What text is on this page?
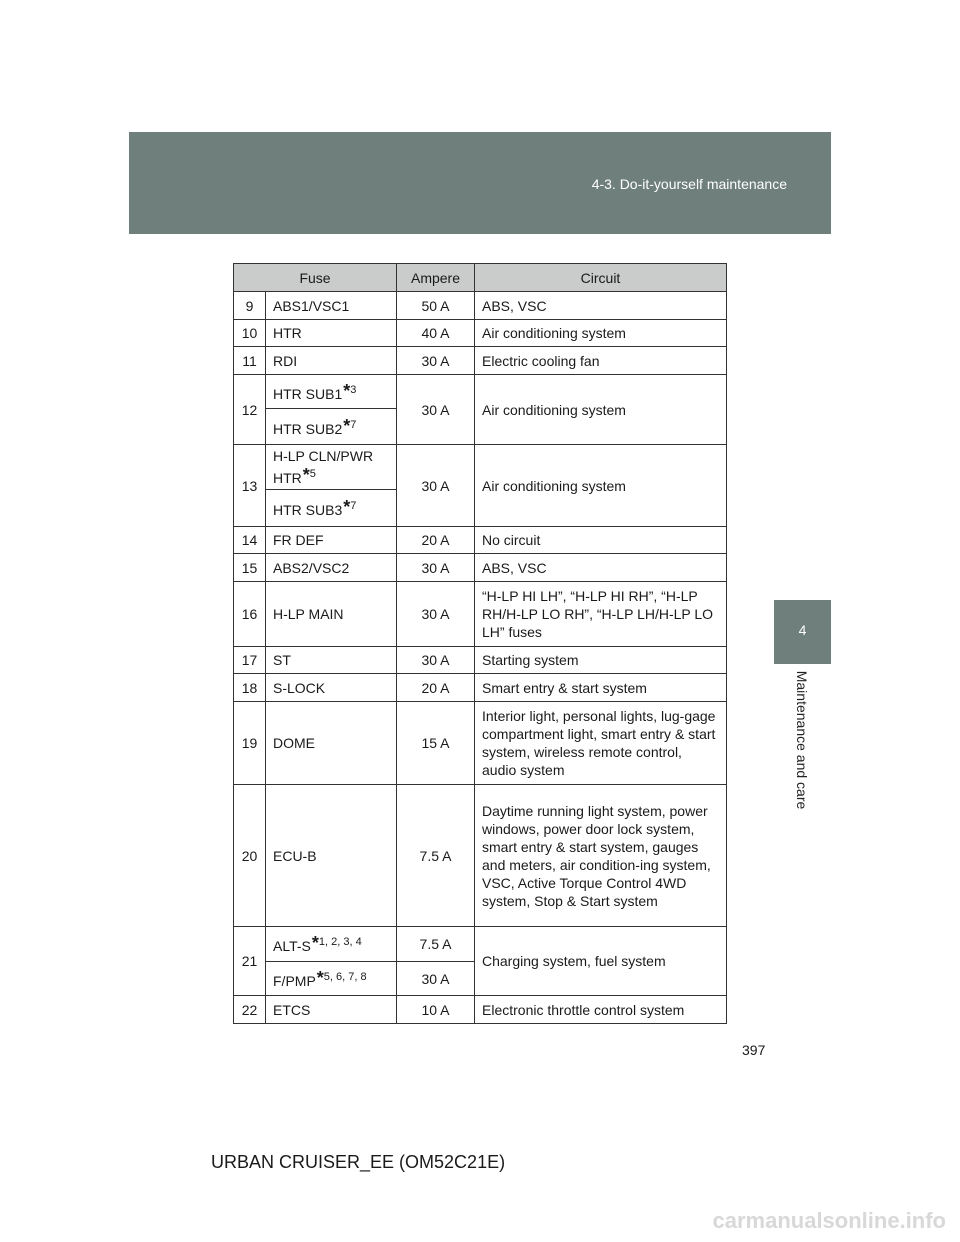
4-3. Do-it-yourself maintenance
4
Maintenance and care
Fuse		Ampere	Circuit
9	ABS1/VSC1	50 A	ABS, VSC
10	HTR	40 A	Air conditioning system
11	RDI	30 A	Electric cooling fan
12	HTR SUB1*$^3$	30 A	Air conditioning system
	HTR SUB2*$^7$
13	H-LP CLN/PWR HTR*$^5$	30 A	Air conditioning system
	HTR SUB3*$^7$
14	FR DEF	20 A	No circuit
15	ABS2/VSC2	30 A	ABS, VSC
16	H-LP MAIN	30 A	“H-LP HI LH”, “H-LP HI RH”, “H-LP RH/H-LP LO RH”, “H-LP LH/H-LP LO LH” fuses
17	ST	30 A	Starting system
18	S-LOCK	20 A	Smart entry & start system
19	DOME	15 A	Interior light, personal lights, lug-gage compartment light, smart entry & start system, wireless remote control, audio system
20	ECU-B	7.5 A	Daytime running light system, power windows, power door lock system, smart entry & start system, gauges and meters, air condition-ing system, VSC, Active Torque Control 4WD system, Stop & Start system
21	ALT-S*$^{1, 2, 3, 4}$	7.5 A	Charging system, fuel system
	F/PMP*$^{5, 6, 7, 8}$	30 A	
22	ETCS	10 A	Electronic throttle control system
397
URBAN CRUISER_EE (OM52C21E)
carmanualsonline.info
